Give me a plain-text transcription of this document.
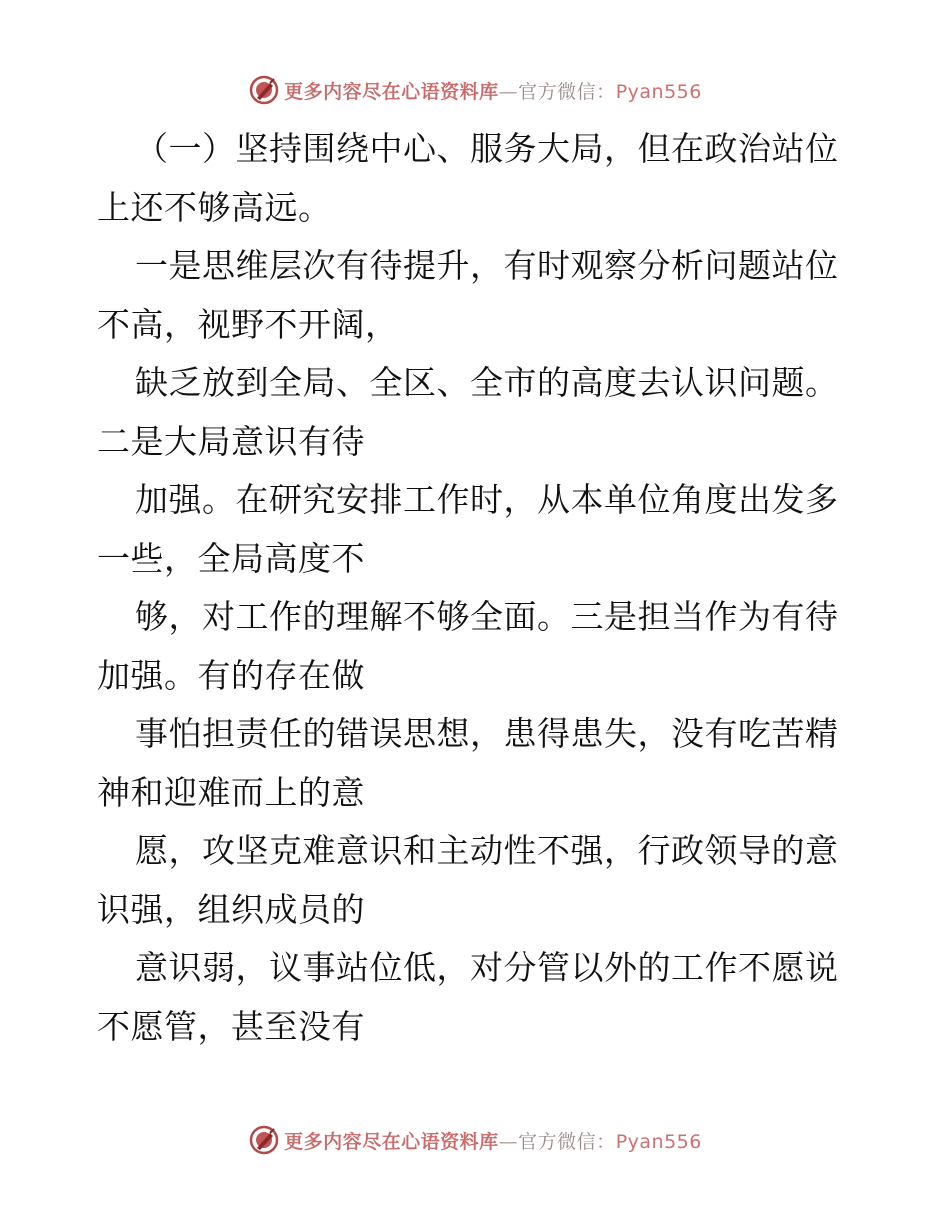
更多内容尽在心语资料库—官方微信：Pyan556
（一）坚持围绕中心、服务大局，但在政治站位
上还不够高远。
一是思维层次有待提升，有时观察分析问题站位
不高，视野不开阔，
缺乏放到全局、全区、全市的高度去认识问题。
二是大局意识有待
加强。在研究安排工作时，从本单位角度出发多
一些，全局高度不
够，对工作的理解不够全面。三是担当作为有待
加强。有的存在做
事怕担责任的错误思想，患得患失，没有吃苦精
神和迎难而上的意
愿，攻坚克难意识和主动性不强，行政领导的意
识强，组织成员的
意识弱，议事站位低，对分管以外的工作不愿说
不愿管，甚至没有
更多内容尽在心语资料库—官方微信：Pyan556
